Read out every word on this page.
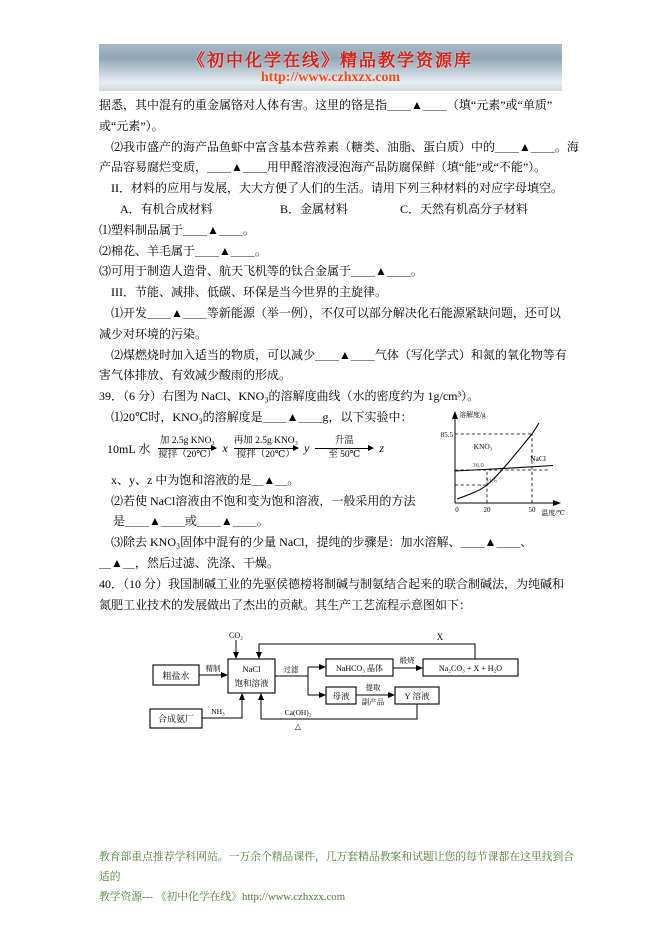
《初中化学在线》精品教学资源库
http://www.czhxzx.com
据悉，其中混有的重金属铬对人体有害。这里的铬是指＿＿▲＿＿（填“元素”或“单质”
或“元素”）。
⑵我市盛产的海产品鱼虾中富含基本营养素（糖类、油脂、蛋白质）中的＿＿▲＿＿。海
产品容易腐烂变质，＿＿▲＿＿用甲醛溶液浸泡海产品防腐保鲜（填“能”或“不能”）。
II．材料的应用与发展，大大方便了人们的生活。请用下列三种材料的对应字母填空。
A．有机合成材料	B．金属材料	C．天然有机高分子材料
⑴塑料制品属于＿＿▲＿＿。
⑵棉花、羊毛属于＿＿▲＿＿。
⑶可用于制造人造骨、航天飞机等的钛合金属于＿＿▲＿＿。
III．节能、减排、低碳、环保是当今世界的主旋律。
⑴开发＿＿▲＿＿等新能源（举一例），不仅可以部分解决化石能源紧缺问题，还可以
减少对环境的污染。
⑵煤燃烧时加入适当的物质，可以减少＿＿▲＿＿气体（写化学式）和氮的氧化物等有
害气体排放、有效减少酸雨的形成。
39．（6 分）右图为 NaCl、KNO₃的溶解度曲线（水的密度约为 1g/cm³）。
⑴20℃时，KNO₃的溶解度是＿＿▲＿＿g，以下实验中：
10mL 水
加 2.5g KNO₃
搅拌（20℃） x 再加 2.5g KNO₃
搅拌（20℃） y	升温
至 50℃ z
x、y、z 中为饱和溶液的是＿▲＿。
⑵若使 NaCl溶液由不饱和变为饱和溶液，一般采用的方法
是＿＿▲＿＿或＿＿▲＿＿。
溶解度/g
温度/℃
0	20	50
85.5
36.0
31.6
KNO₃
NaCl
⑶除去 KNO₃固体中混有的少量 NaCl，提纯的步骤是：加水溶解、＿＿▲＿＿、
＿▲＿，然后过滤、洗涤、干燥。
40．（10 分）我国制碱工业的先驱侯德榜将制碱与制氨结合起来的联合制碱法，为纯碱和
氮肥工业技术的发展做出了杰出的贡献。其生产工艺流程示意图如下：
粗盐水
NaCl
饱和溶液
合成氨厂
NaHCO₃ 晶体	Na₂CO₃ + X + H₂O
母液	Y 溶液
精制
CO₂	X
NH₃	Ca(OH)₂
△
过滤
煅烧
提取
副产品
教育部重点推荐学科网站。一万余个精品课件，几万套精品教案和试题让您的每节课都在这里找到合适的
教学资源--- 《初中化学在线》http://www.czhxzx.com
